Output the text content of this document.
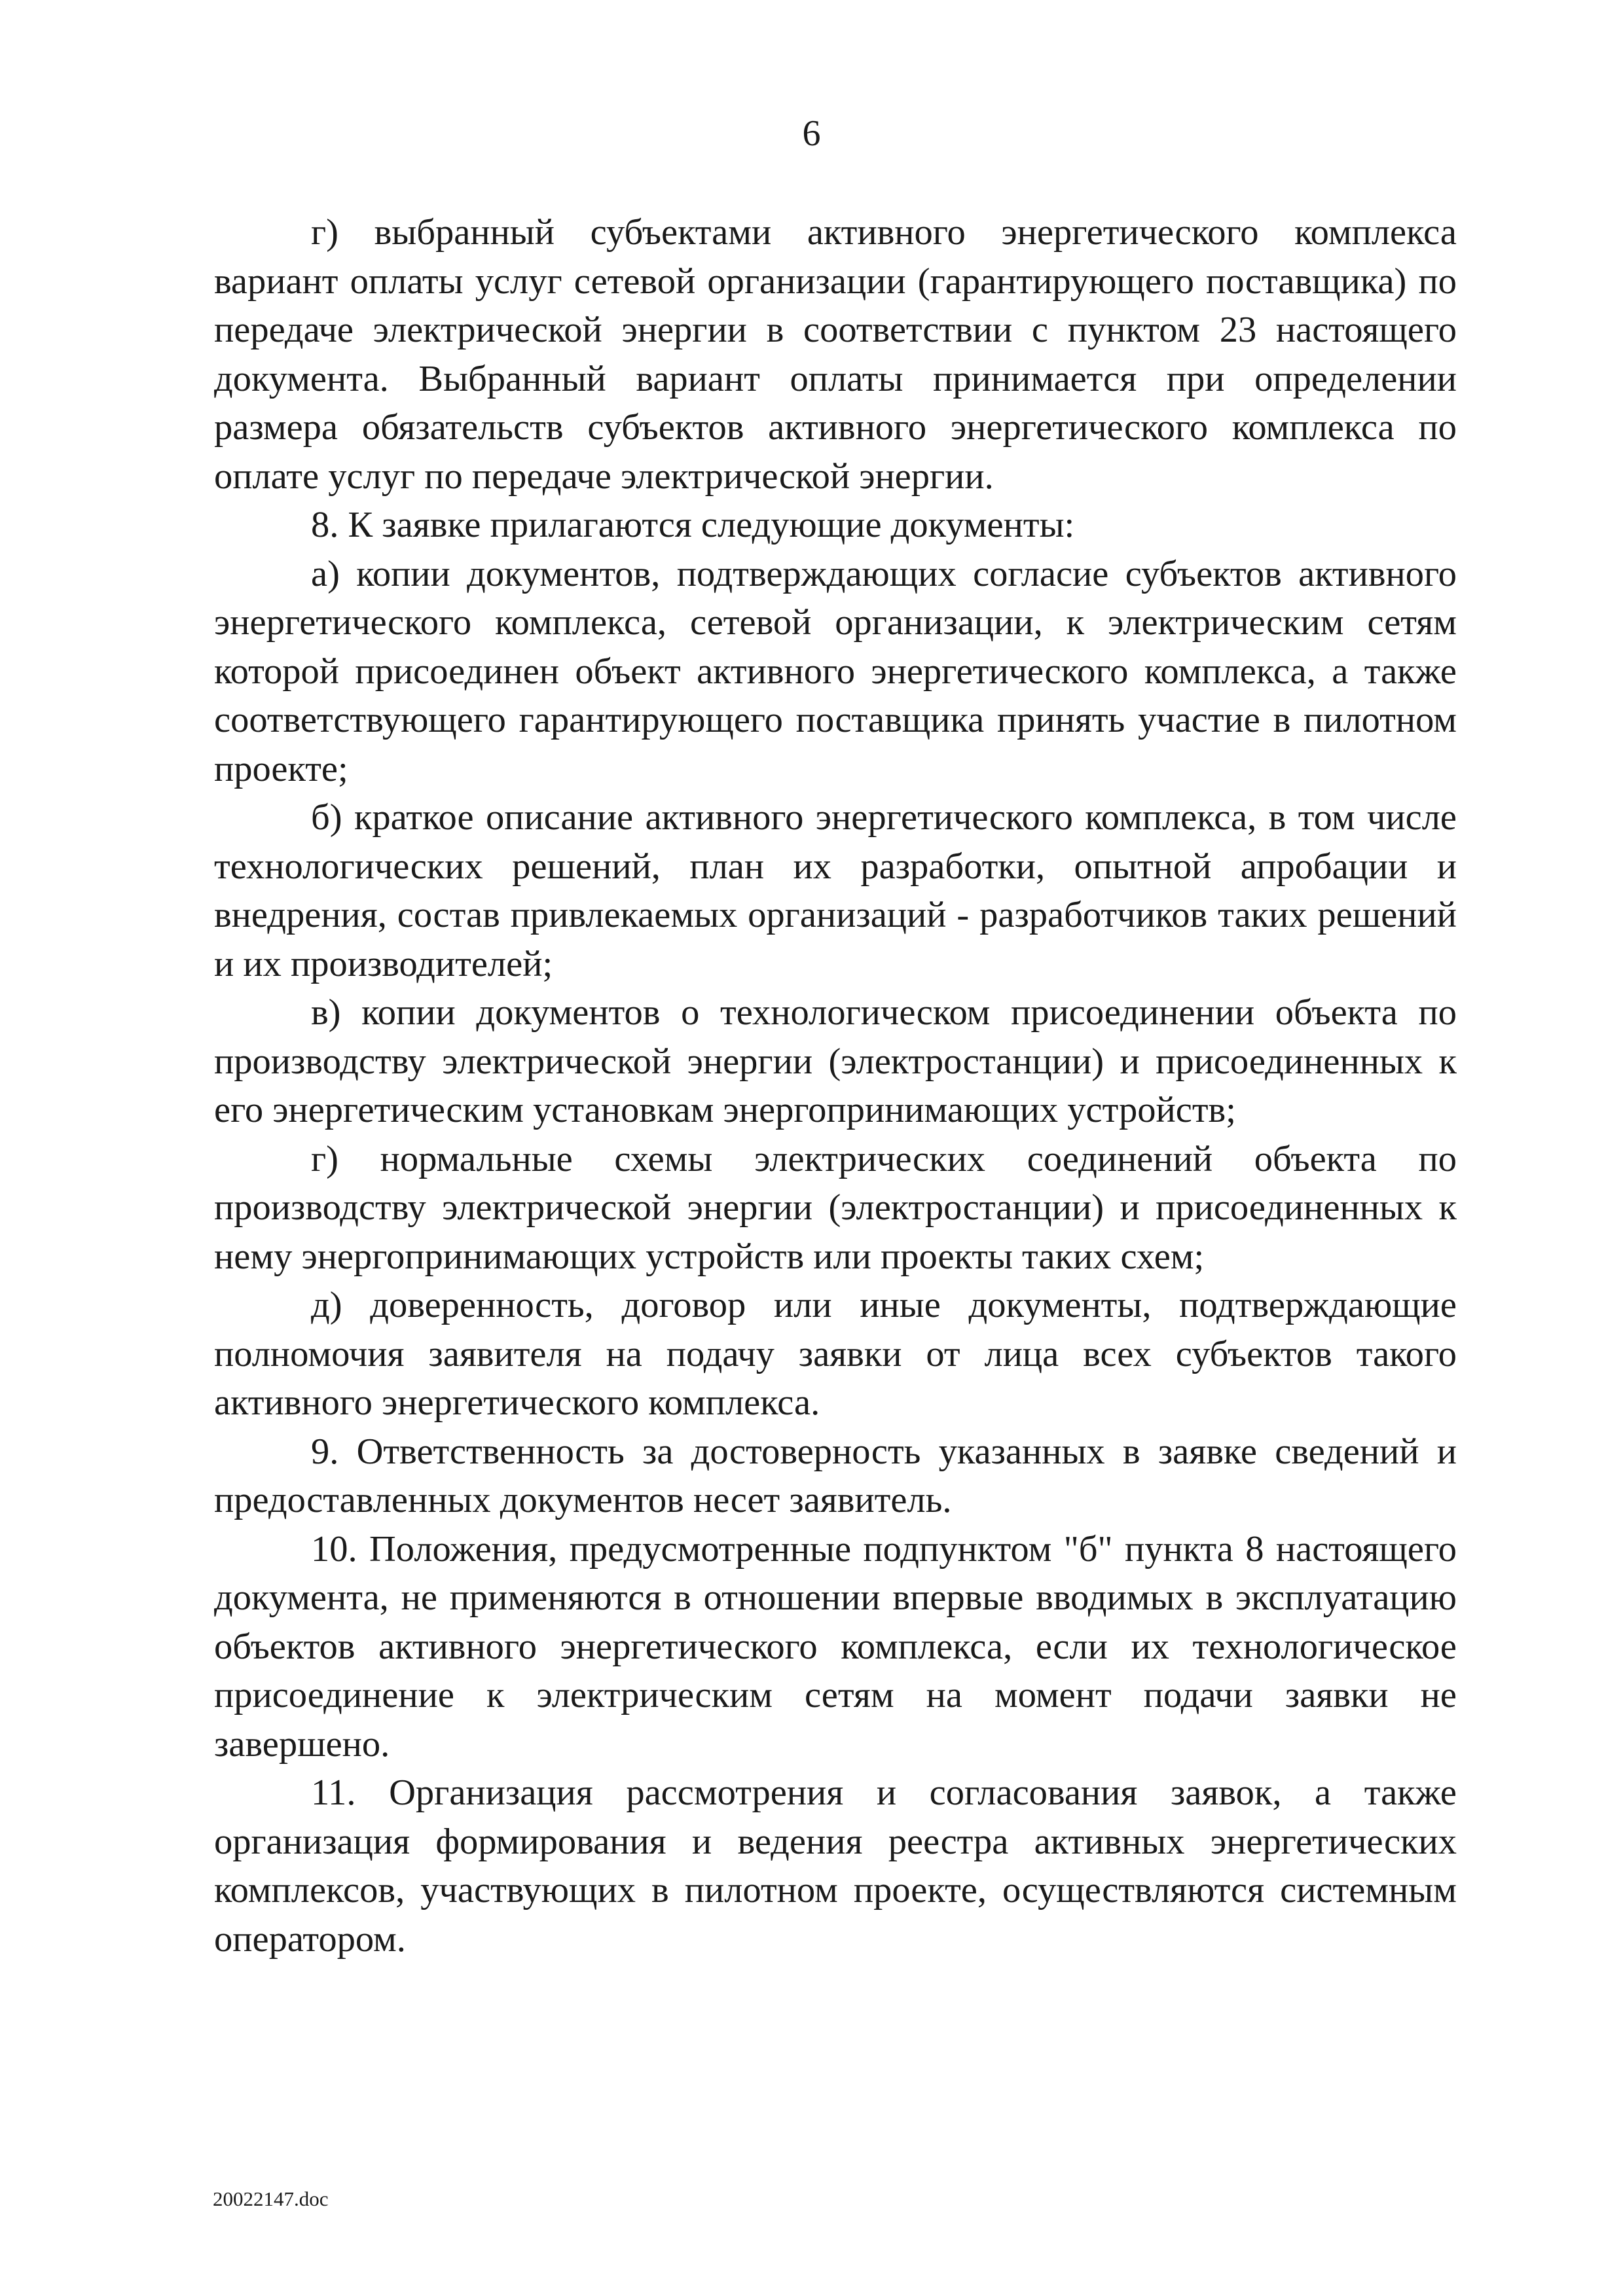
6

г) выбранный субъектами активного энергетического комплекса вариант оплаты услуг сетевой организации (гарантирующего поставщика) по передаче электрической энергии в соответствии с пунктом 23 настоящего документа. Выбранный вариант оплаты принимается при определении размера обязательств субъектов активного энергетического комплекса по оплате услуг по передаче электрической энергии.

8. К заявке прилагаются следующие документы:

а) копии документов, подтверждающих согласие субъектов активного энергетического комплекса, сетевой организации, к электрическим сетям которой присоединен объект активного энергетического комплекса, а также соответствующего гарантирующего поставщика принять участие в пилотном проекте;

б) краткое описание активного энергетического комплекса, в том числе технологических решений, план их разработки, опытной апробации и внедрения, состав привлекаемых организаций - разработчиков таких решений и их производителей;

в) копии документов о технологическом присоединении объекта по производству электрической энергии (электростанции) и присоединенных к его энергетическим установкам энергопринимающих устройств;

г) нормальные схемы электрических соединений объекта по производству электрической энергии (электростанции) и присоединенных к нему энергопринимающих устройств или проекты таких схем;

д) доверенность, договор или иные документы, подтверждающие полномочия заявителя на подачу заявки от лица всех субъектов такого активного энергетического комплекса.

9. Ответственность за достоверность указанных в заявке сведений и предоставленных документов несет заявитель.

10. Положения, предусмотренные подпунктом "б" пункта 8 настоящего документа, не применяются в отношении впервые вводимых в эксплуатацию объектов активного энергетического комплекса, если их технологическое присоединение к электрическим сетям на момент подачи заявки не завершено.

11. Организация рассмотрения и согласования заявок, а также организация формирования и ведения реестра активных энергетических комплексов, участвующих в пилотном проекте, осуществляются системным оператором.

20022147.doc
